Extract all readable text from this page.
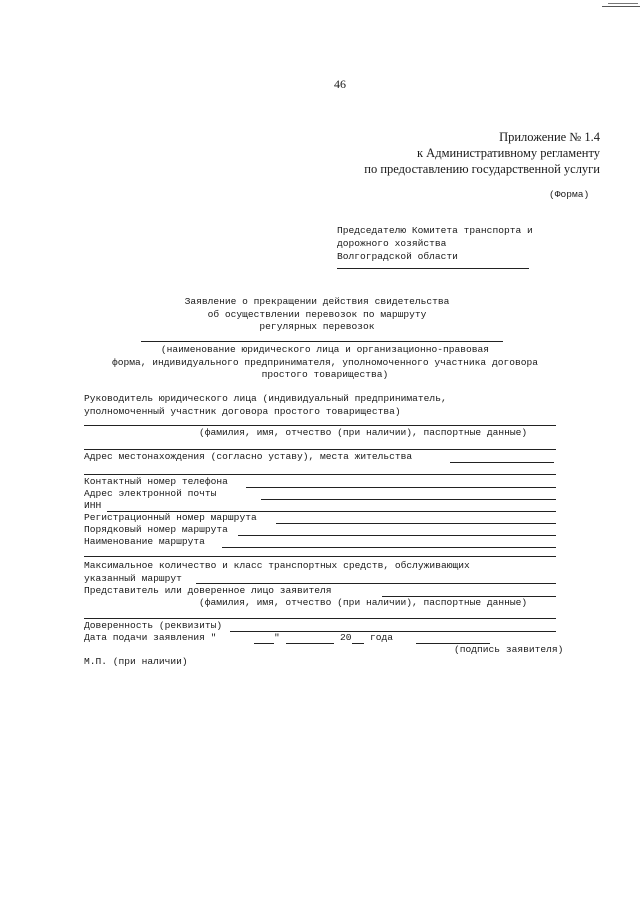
46
Приложение № 1.4
к Административному регламенту
по предоставлению государственной услуги
(Форма)
Председателю Комитета транспорта и
дорожного хозяйства
Волгоградской области
Заявление о прекращении действия свидетельства
об осуществлении перевозок по маршруту
регулярных перевозок
(наименование юридического лица и организационно-правовая
форма, индивидуального предпринимателя, уполномоченного участника договора
простого товарищества)
Руководитель юридического лица (индивидуальный предприниматель,
уполномоченный участник договора простого товарищества)
(фамилия, имя, отчество (при наличии), паспортные данные)
Адрес местонахождения (согласно уставу), места жительства
Контактный номер телефона
Адрес электронной почты
ИНН
Регистрационный номер маршрута
Порядковый номер маршрута
Наименование маршрута
Максимальное количество и класс транспортных средств, обслуживающих
указанный маршрут
Представитель или доверенное лицо заявителя
(фамилия, имя, отчество (при наличии), паспортные данные)
Доверенность (реквизиты)
Дата подачи заявления "	"	20 года
(подпись заявителя)
М.П. (при наличии)
